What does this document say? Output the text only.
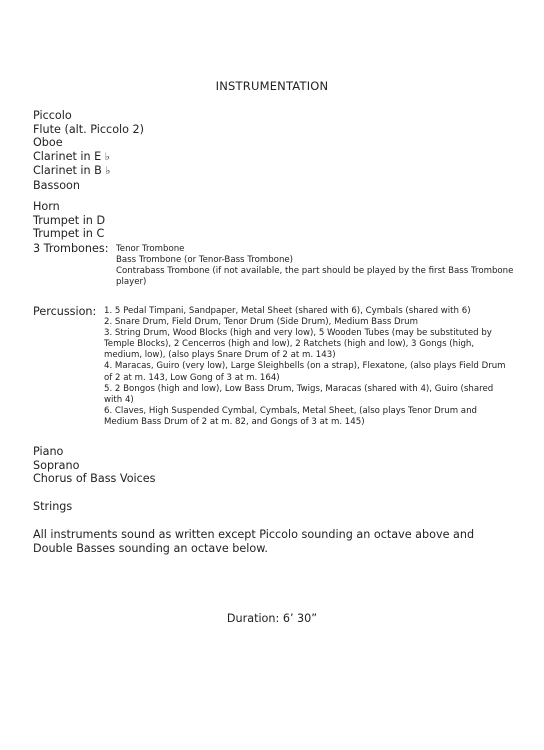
INSTRUMENTATION
Piccolo
Flute (alt. Piccolo 2)
Oboe
Clarinet in E ♭
Clarinet in B ♭
Bassoon
Horn
Trumpet in D
Trumpet in C
3 Trombones: Tenor Trombone
Bass Trombone (or Tenor-Bass Trombone)
Contrabass Trombone (if not available, the part should be played by the first Bass Trombone player)
Percussion: 1. 5 Pedal Timpani, Sandpaper, Metal Sheet (shared with 6), Cymbals (shared with 6)
2. Snare Drum, Field Drum, Tenor Drum (Side Drum), Medium Bass Drum
3. String Drum, Wood Blocks (high and very low), 5 Wooden Tubes (may be substituted by Temple Blocks), 2 Cencerros (high and low), 2 Ratchets (high and low), 3 Gongs (high, medium, low), (also plays Snare Drum of 2 at m. 143)
4. Maracas, Guiro (very low), Large Sleighbells (on a strap), Flexatone, (also plays Field Drum of 2 at m. 143, Low Gong of 3 at m. 164)
5. 2 Bongos (high and low), Low Bass Drum, Twigs, Maracas (shared with 4), Guiro (shared with 4)
6. Claves, High Suspended Cymbal, Cymbals, Metal Sheet, (also plays Tenor Drum and Medium Bass Drum of 2 at m. 82, and Gongs of 3 at m. 145)
Piano
Soprano
Chorus of Bass Voices
Strings
All instruments sound as written except Piccolo sounding an octave above and Double Basses sounding an octave below.
Duration: 6’ 30”
